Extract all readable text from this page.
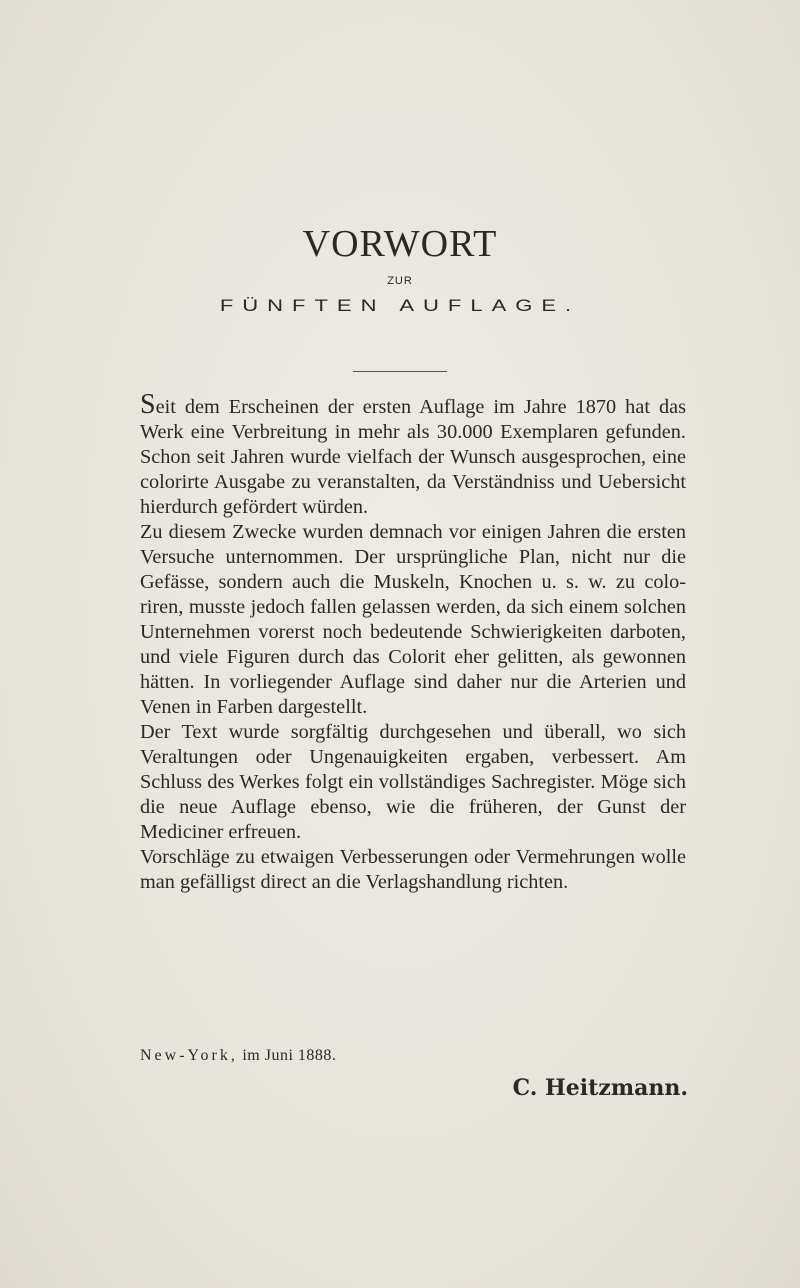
VORWORT
ZUR
FÜNFTEN AUFLAGE.

Seit dem Erscheinen der ersten Auflage im Jahre 1870 hat das Werk eine Verbreitung in mehr als 30.000 Exemplaren gefunden. Schon seit Jahren wurde vielfach der Wunsch ausgesprochen, eine colorirte Ausgabe zu veranstalten, da Verständniss und Uebersicht hierdurch gefördert würden.

Zu diesem Zwecke wurden demnach vor einigen Jahren die ersten Versuche unternommen. Der ursprüngliche Plan, nicht nur die Gefässe, sondern auch die Muskeln, Knochen u. s. w. zu colo-riren, musste jedoch fallen gelassen werden, da sich einem solchen Unternehmen vorerst noch bedeutende Schwierigkeiten darboten, und viele Figuren durch das Colorit eher gelitten, als gewonnen hätten. In vorliegender Auflage sind daher nur die Arterien und Venen in Farben dargestellt.

Der Text wurde sorgfältig durchgesehen und überall, wo sich Veraltungen oder Ungenauigkeiten ergaben, verbessert. Am Schluss des Werkes folgt ein vollständiges Sachregister. Möge sich die neue Auflage ebenso, wie die früheren, der Gunst der Mediciner erfreuen.

Vorschläge zu etwaigen Verbesserungen oder Vermehrungen wolle man gefälligst direct an die Verlagshandlung richten.

New-York, im Juni 1888.
C. Heitzmann.
